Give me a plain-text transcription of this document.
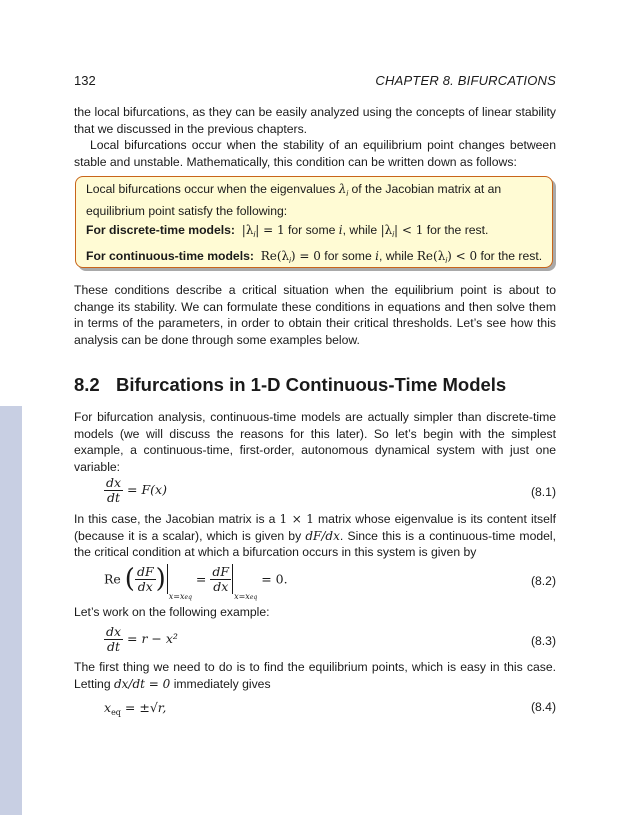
132	CHAPTER 8. BIFURCATIONS

the local bifurcations, as they can be easily analyzed using the concepts of linear stability that we discussed in the previous chapters.

Local bifurcations occur when the stability of an equilibrium point changes between stable and unstable. Mathematically, this condition can be written down as follows:

Local bifurcations occur when the eigenvalues $\lambda_i$ of the Jacobian matrix at an equilibrium point satisfy the following:

For discrete-time models: $|\lambda_i| = 1$ for some i, while $|\lambda_i| < 1$ for the rest.

For continuous-time models: $Re(\lambda_i) = 0$ for some i, while $Re(\lambda_i) < 0$ for the rest.

These conditions describe a critical situation when the equilibrium point is about to change its stability. We can formulate these conditions in equations and then solve them in terms of the parameters, in order to obtain their critical thresholds. Let’s see how this analysis can be done through some examples below.

8.2 Bifurcations in 1-D Continuous-Time Models

For bifurcation analysis, continuous-time models are actually simpler than discrete-time models (we will discuss the reasons for this later). So let’s begin with the simplest example, a continuous-time, first-order, autonomous dynamical system with just one variable:

$\frac{dx}{dt} = F(x)$	(8.1)

In this case, the Jacobian matrix is a 1 × 1 matrix whose eigenvalue is its content itself (because it is a scalar), which is given by dF/dx. Since this is a continuous-time model, the critical condition at which a bifurcation occurs in this system is given by

Re ( $\frac{dF}{dx} )x=xeq = \frac{dF}{dx}$
x=xeq = 0.	(8.2)

Let’s work on the following example:

$\frac{dx}{dt} = r - x^2$	(8.3)

The first thing we need to do is to find the equilibrium points, which is easy in this case. Letting dx/dt = 0 immediately gives

$x_{eq} = \pm√r$,	(8.4)
